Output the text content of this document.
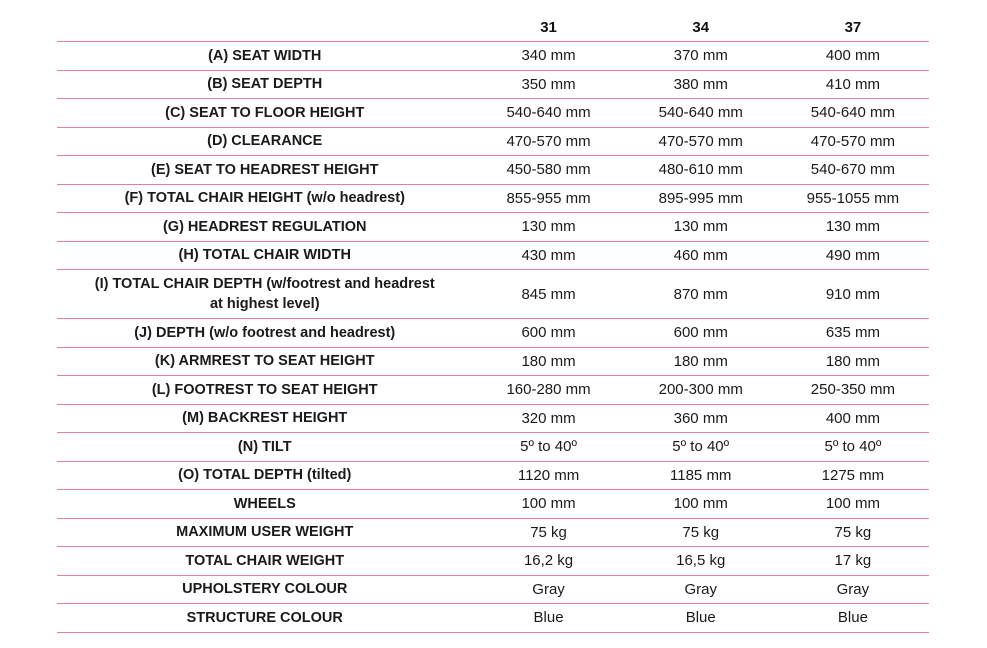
	31	34	37
(A) SEAT WIDTH	340 mm	370 mm	400 mm
(B) SEAT DEPTH	350 mm	380 mm	410 mm
(C) SEAT TO FLOOR HEIGHT	540-640 mm	540-640 mm	540-640 mm
(D) CLEARANCE	470-570 mm	470-570 mm	470-570 mm
(E) SEAT TO HEADREST HEIGHT	450-580 mm	480-610 mm	540-670 mm
(F) TOTAL CHAIR HEIGHT (w/o headrest)	855-955 mm	895-995 mm	955-1055 mm
(G) HEADREST REGULATION	130 mm	130 mm	130 mm
(H) TOTAL CHAIR WIDTH	430 mm	460 mm	490 mm
(I) TOTAL CHAIR DEPTH (w/footrest and headrest at highest level)	845 mm	870 mm	910 mm
(J) DEPTH (w/o footrest and headrest)	600 mm	600 mm	635 mm
(K) ARMREST TO SEAT HEIGHT	180 mm	180 mm	180 mm
(L) FOOTREST TO SEAT HEIGHT	160-280 mm	200-300 mm	250-350 mm
(M) BACKREST HEIGHT	320 mm	360 mm	400 mm
(N) TILT	5º to 40º	5º to 40º	5º to 40º
(O) TOTAL DEPTH (tilted)	1120 mm	1185 mm	1275 mm
WHEELS	100 mm	100 mm	100 mm
MAXIMUM USER WEIGHT	75 kg	75 kg	75 kg
TOTAL CHAIR WEIGHT	16,2 kg	16,5 kg	17 kg
UPHOLSTERY COLOUR	Gray	Gray	Gray
STRUCTURE COLOUR	Blue	Blue	Blue
